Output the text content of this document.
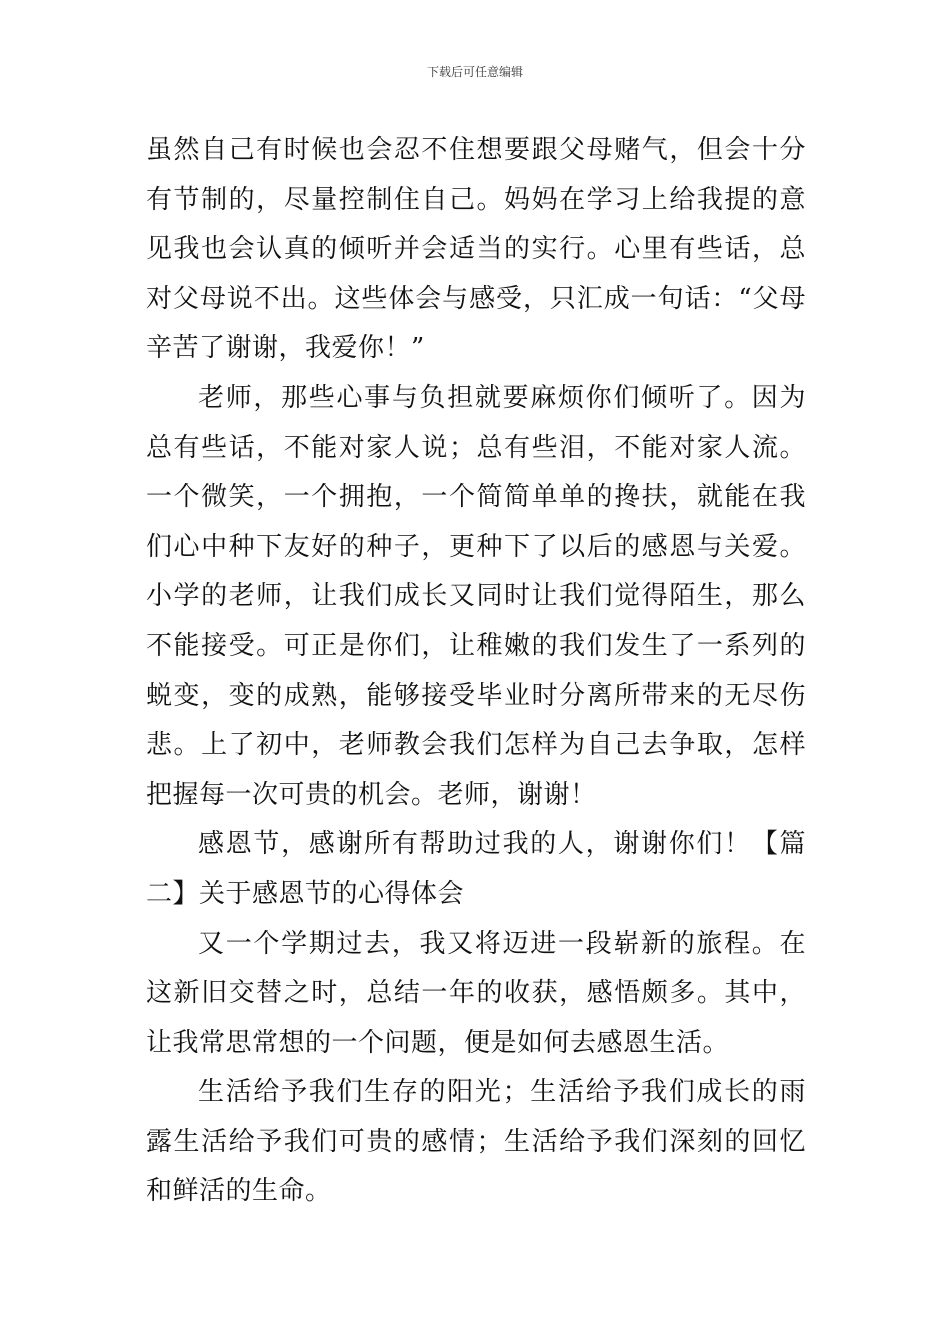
下载后可任意编辑

虽然自己有时候也会忍不住想要跟父母赌气，但会十分有节制的，尽量控制住自己。妈妈在学习上给我提的意见我也会认真的倾听并会适当的实行。心里有些话，总对父母说不出。这些体会与感受，只汇成一句话：“父母辛苦了谢谢，我爱你！”

老师，那些心事与负担就要麻烦你们倾听了。因为总有些话，不能对家人说；总有些泪，不能对家人流。一个微笑，一个拥抱，一个简简单单的搀扶，就能在我们心中种下友好的种子，更种下了以后的感恩与关爱。小学的老师，让我们成长又同时让我们觉得陌生，那么不能接受。可正是你们，让稚嫩的我们发生了一系列的蜕变，变的成熟，能够接受毕业时分离所带来的无尽伤悲。上了初中，老师教会我们怎样为自己去争取，怎样把握每一次可贵的机会。老师，谢谢！

感恩节，感谢所有帮助过我的人，谢谢你们！【篇二】关于感恩节的心得体会

又一个学期过去，我又将迈进一段崭新的旅程。在这新旧交替之时，总结一年的收获，感悟颇多。其中，让我常思常想的一个问题，便是如何去感恩生活。

生活给予我们生存的阳光；生活给予我们成长的雨露生活给予我们可贵的感情；生活给予我们深刻的回忆和鲜活的生命。
